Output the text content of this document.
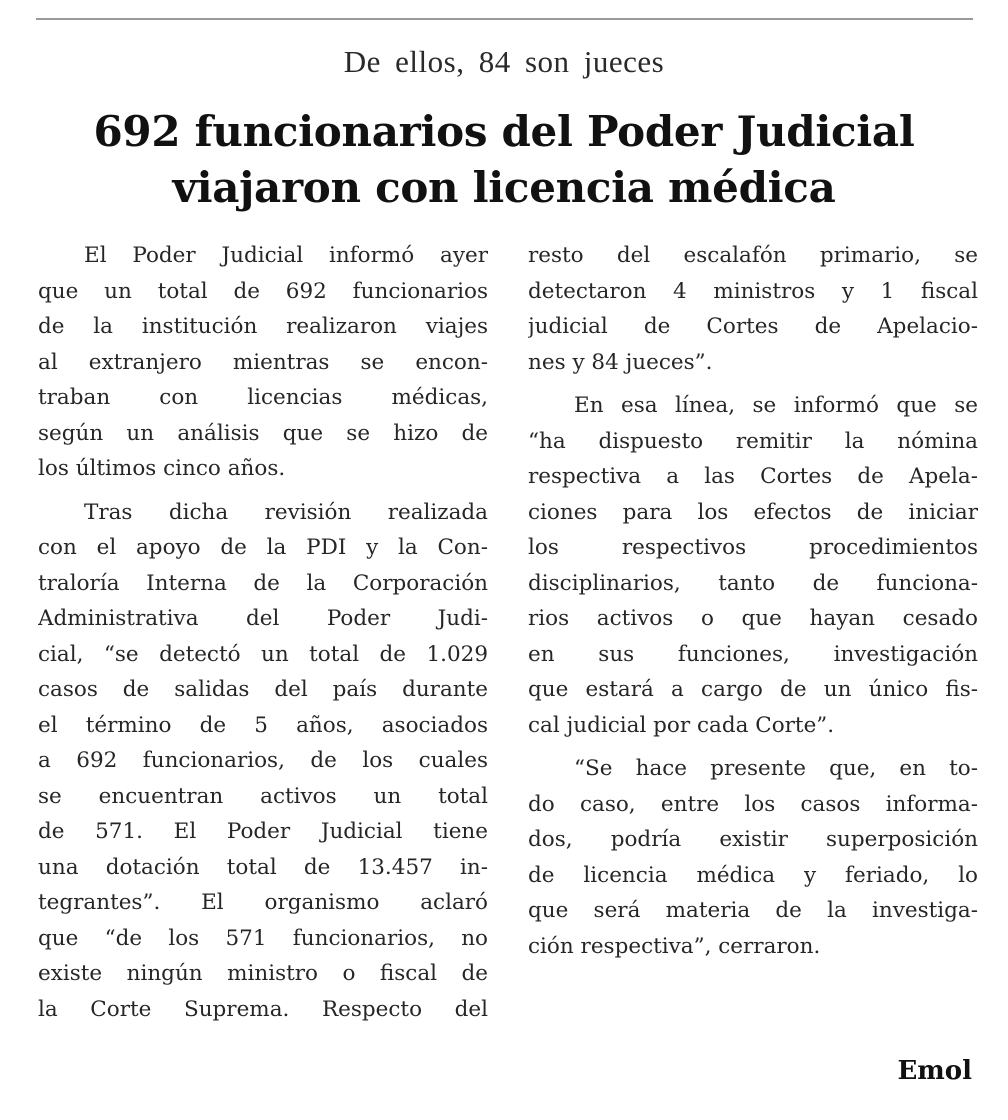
De ellos, 84 son jueces
692 funcionarios del Poder Judicial
viajaron con licencia médica
El Poder Judicial informó ayer
que un total de 692 funcionarios
de la institución realizaron viajes
al extranjero mientras se encon-
traban con licencias médicas,
según un análisis que se hizo de
los últimos cinco años.
Tras dicha revisión realizada
con el apoyo de la PDI y la Con-
traloría Interna de la Corporación
Administrativa del Poder Judi-
cial, “se detectó un total de 1.029
casos de salidas del país durante
el término de 5 años, asociados
a 692 funcionarios, de los cuales
se encuentran activos un total
de 571. El Poder Judicial tiene
una dotación total de 13.457 in-
tegrantes”. El organismo aclaró
que “de los 571 funcionarios, no
existe ningún ministro o fiscal de
la Corte Suprema. Respecto del
resto del escalafón primario, se
detectaron 4 ministros y 1 fiscal
judicial de Cortes de Apelacio-
nes y 84 jueces”.
En esa línea, se informó que se
“ha dispuesto remitir la nómina
respectiva a las Cortes de Apela-
ciones para los efectos de iniciar
los respectivos procedimientos
disciplinarios, tanto de funciona-
rios activos o que hayan cesado
en sus funciones, investigación
que estará a cargo de un único fis-
cal judicial por cada Corte”.
“Se hace presente que, en to-
do caso, entre los casos informa-
dos, podría existir superposición
de licencia médica y feriado, lo
que será materia de la investiga-
ción respectiva”, cerraron.
Emol
